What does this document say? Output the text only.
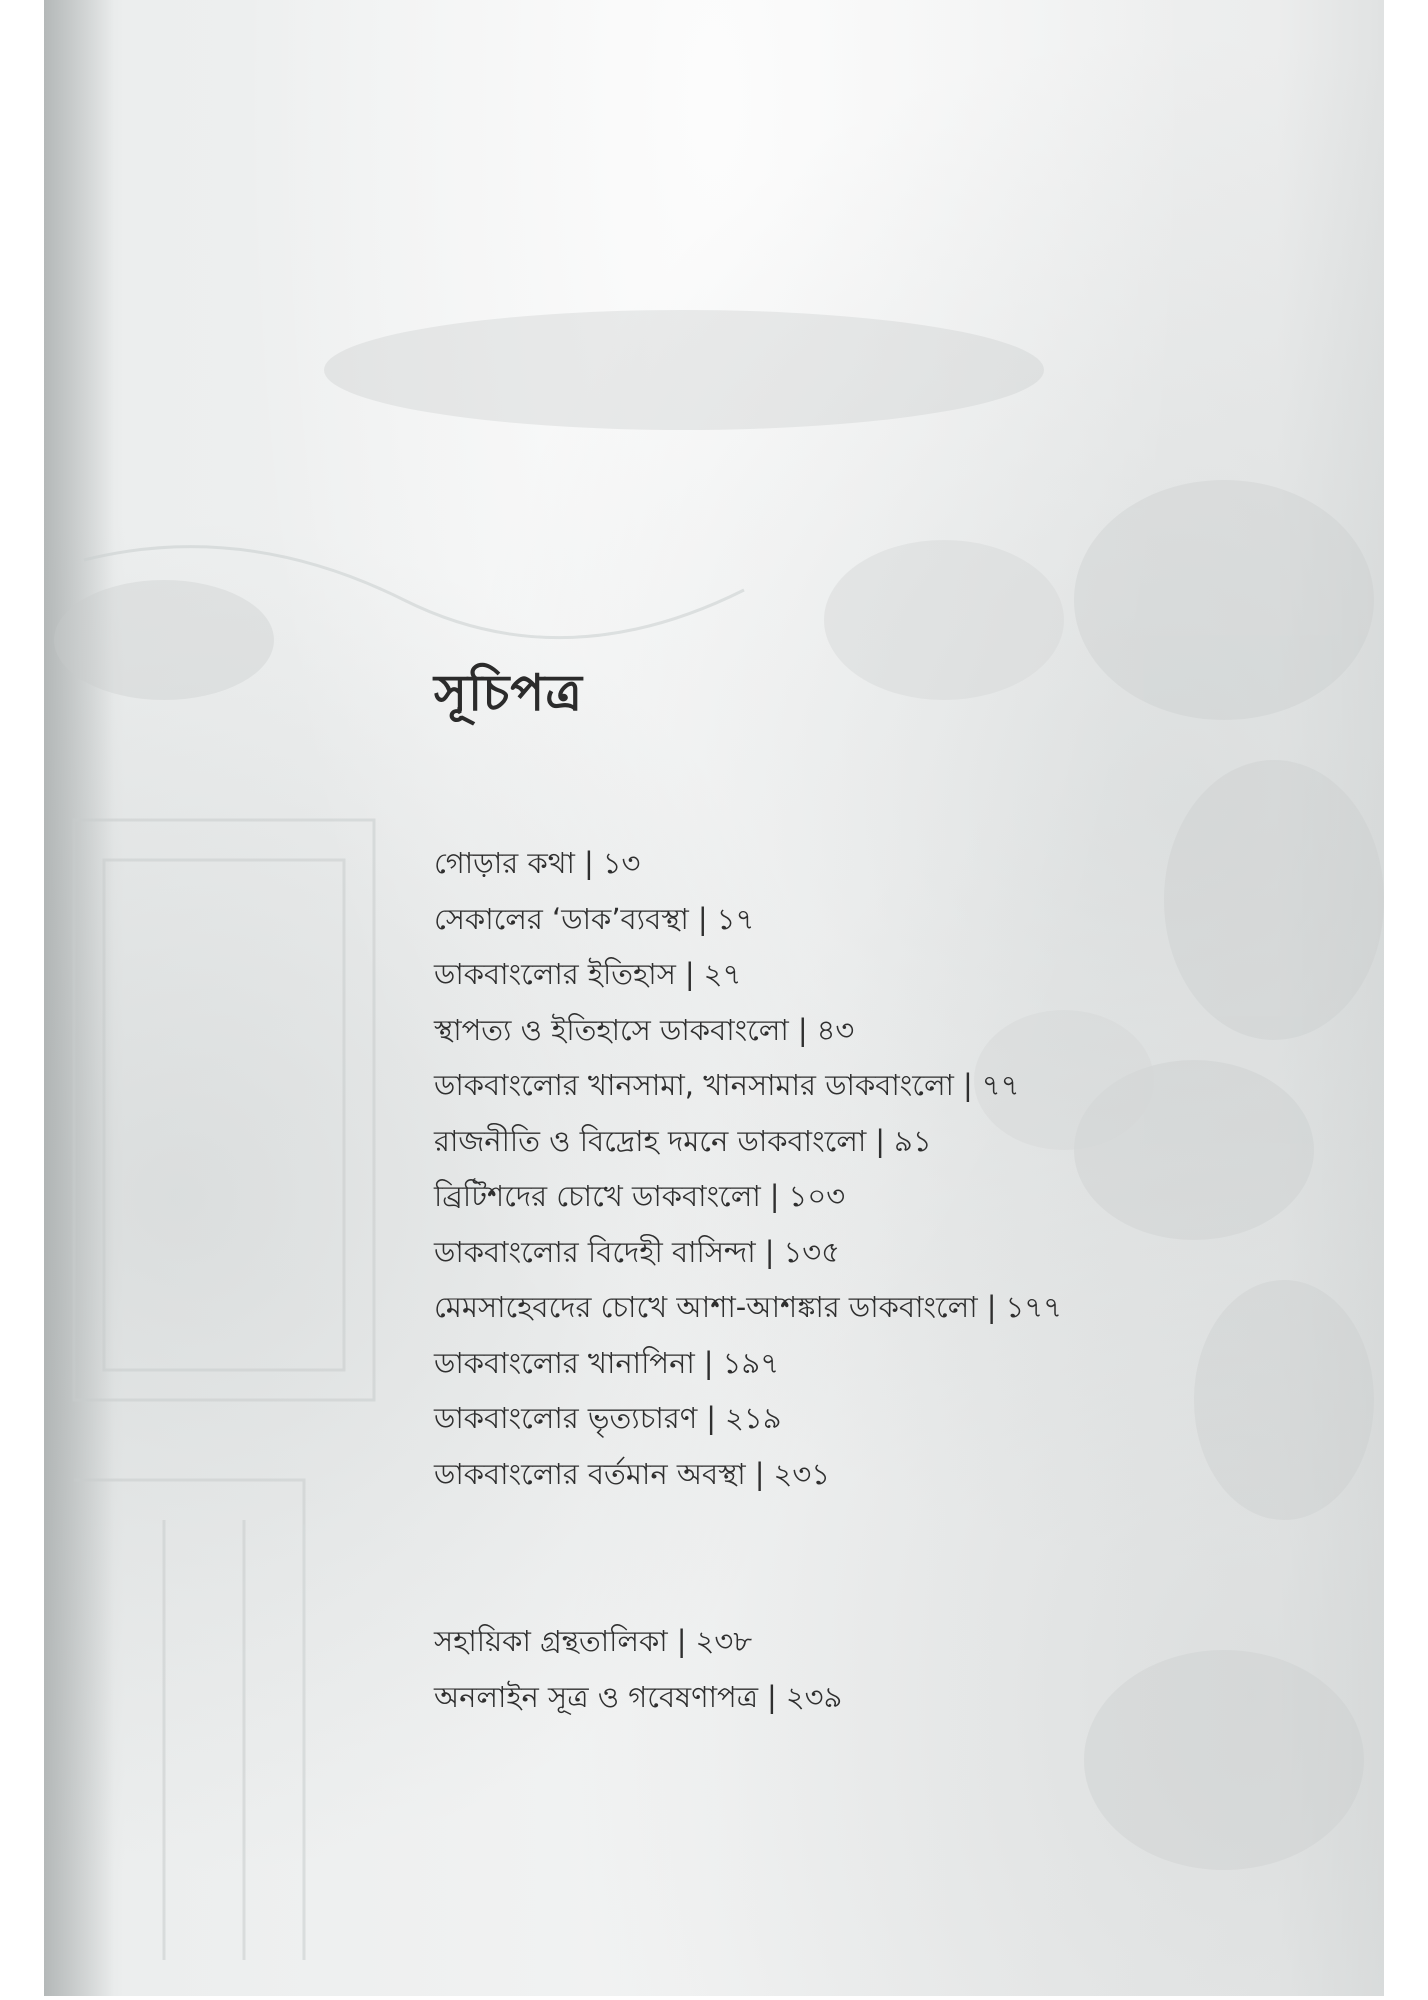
সূচিপত্র
গোড়ার কথা | ১৩
সেকালের ‘ডাক’ব্যবস্থা | ১৭
ডাকবাংলোর ইতিহাস | ২৭
স্থাপত্য ও ইতিহাসে ডাকবাংলো | ৪৩
ডাকবাংলোর খানসামা, খানসামার ডাকবাংলো | ৭৭
রাজনীতি ও বিদ্রোহ দমনে ডাকবাংলো | ৯১
ব্রিটিশদের চোখে ডাকবাংলো | ১০৩
ডাকবাংলোর বিদেহী বাসিন্দা | ১৩৫
মেমসাহেবদের চোখে আশা-আশঙ্কার ডাকবাংলো | ১৭৭
ডাকবাংলোর খানাপিনা | ১৯৭
ডাকবাংলোর ভৃত্যচারণ | ২১৯
ডাকবাংলোর বর্তমান অবস্থা | ২৩১
সহায়িকা গ্রন্থতালিকা | ২৩৮
অনলাইন সূত্র ও গবেষণাপত্র | ২৩৯
